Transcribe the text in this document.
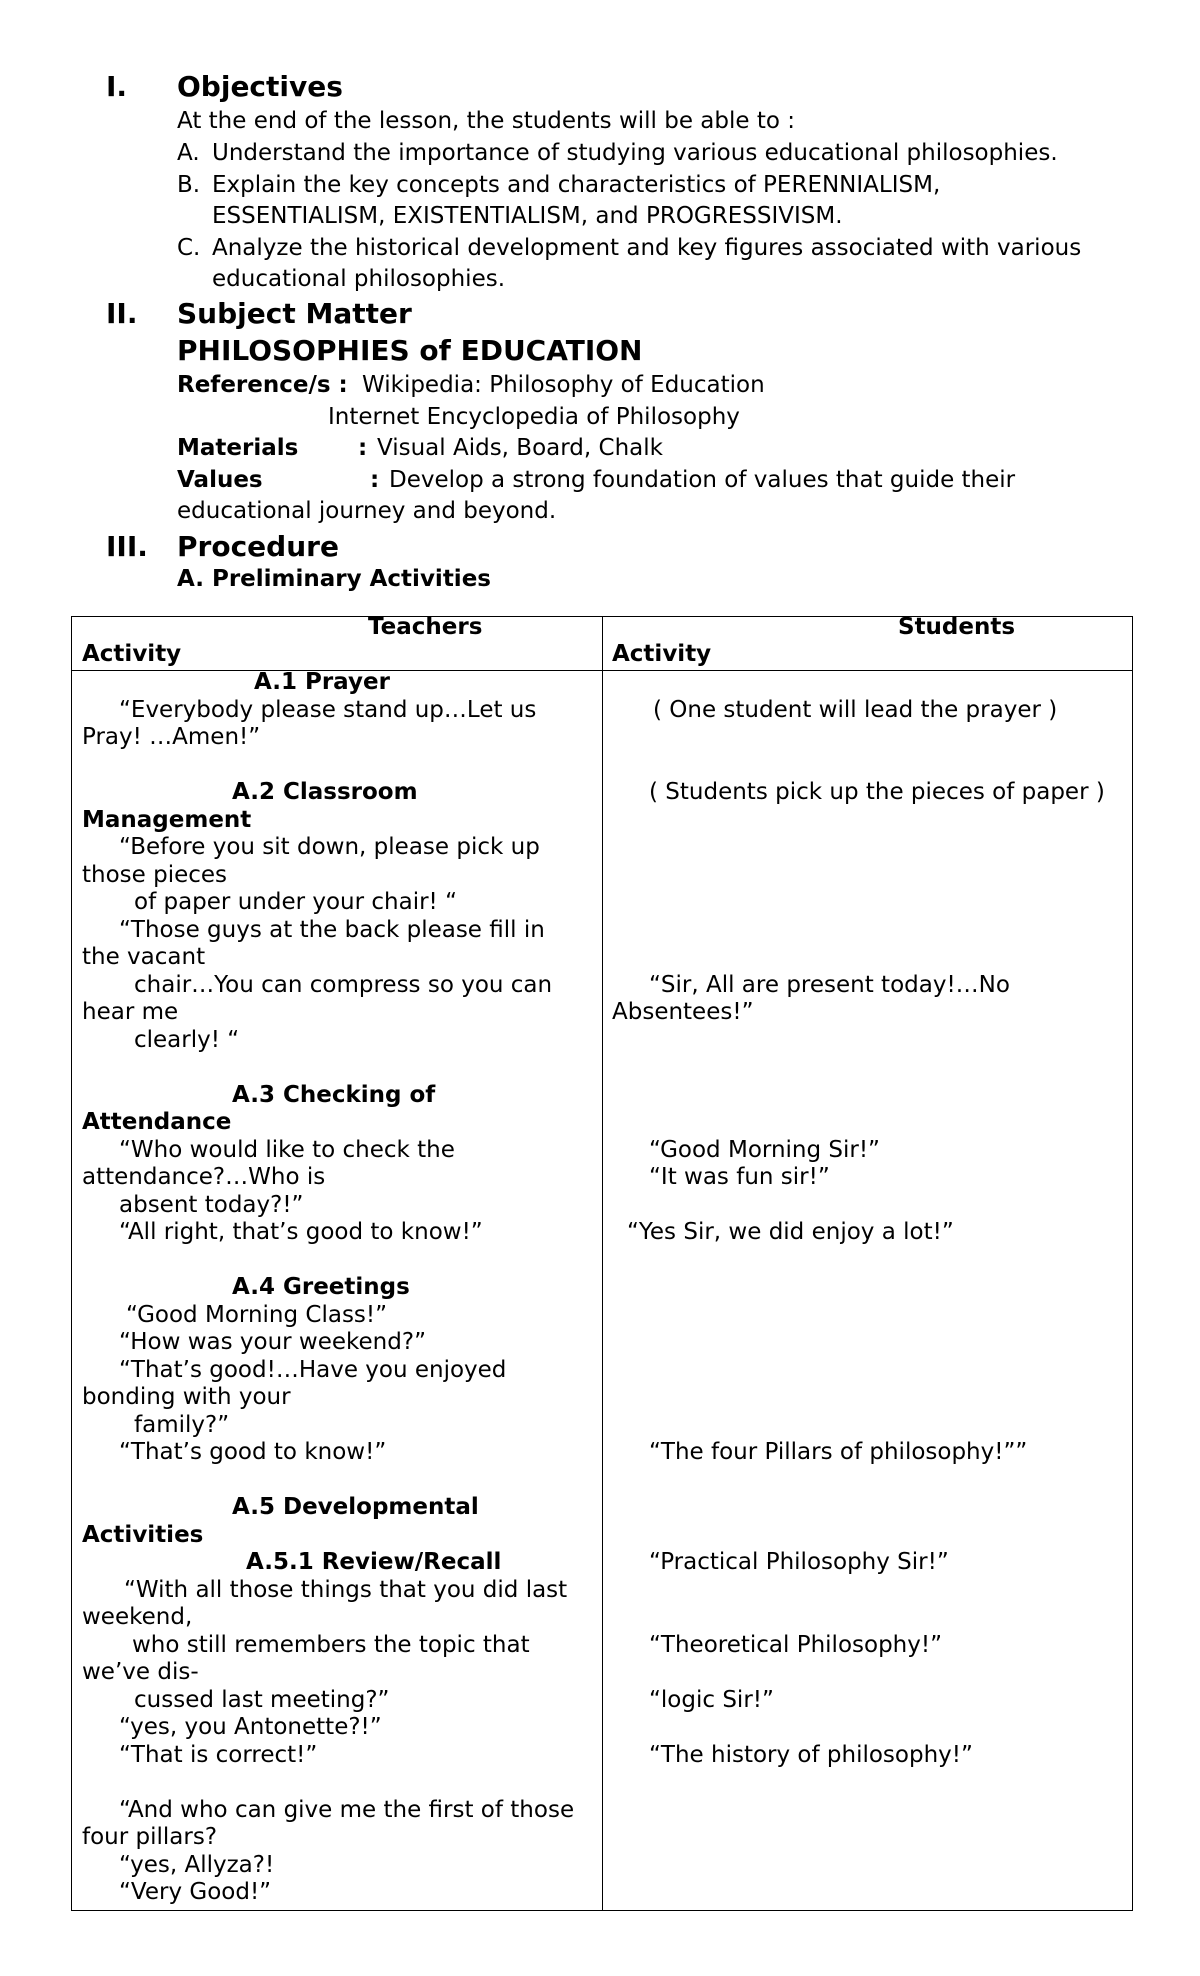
I. Objectives
At the end of the lesson, the students will be able to :
A. Understand the importance of studying various educational philosophies.
B. Explain the key concepts and characteristics of PERENNIALISM,
ESSENTIALISM, EXISTENTIALISM, and PROGRESSIVISM.
C. Analyze the historical development and key figures associated with various
educational philosophies.
II. Subject Matter
PHILOSOPHIES of EDUCATION
Reference/s : Wikipedia: Philosophy of Education
Internet Encyclopedia of Philosophy
Materials	: Visual Aids, Board, Chalk
Values	: Develop a strong foundation of values that guide their
educational journey and beyond.
III. Procedure
A. Preliminary Activities
Teachers
Activity
Students
Activity
A.1 Prayer
“Everybody please stand up…Let us
Pray! …Amen!”
A.2 Classroom
Management
“Before you sit down, please pick up
those pieces
of paper under your chair! “
“Those guys at the back please fill in
the vacant
chair…You can compress so you can
hear me
clearly! “
A.3 Checking of
Attendance
“Who would like to check the
attendance?…Who is
absent today?!”
“All right, that’s good to know!”
A.4 Greetings
“Good Morning Class!”
“How was your weekend?”
“That’s good!…Have you enjoyed
bonding with your
family?”
“That’s good to know!”
A.5 Developmental
Activities
A.5.1 Review/Recall
“With all those things that you did last
weekend,
who still remembers the topic that
we’ve dis-
cussed last meeting?”
“yes, you Antonette?!”
“That is correct!”
“And who can give me the first of those
four pillars?
“yes, Allyza?!
“Very Good!”
( One student will lead the prayer )
( Students pick up the pieces of paper )
“Sir, All are present today!…No
Absentees!”
“Good Morning Sir!”
“It was fun sir!”
“Yes Sir, we did enjoy a lot!”
“The four Pillars of philosophy!””
“Practical Philosophy Sir!”
“Theoretical Philosophy!”
“logic Sir!”
“The history of philosophy!”
